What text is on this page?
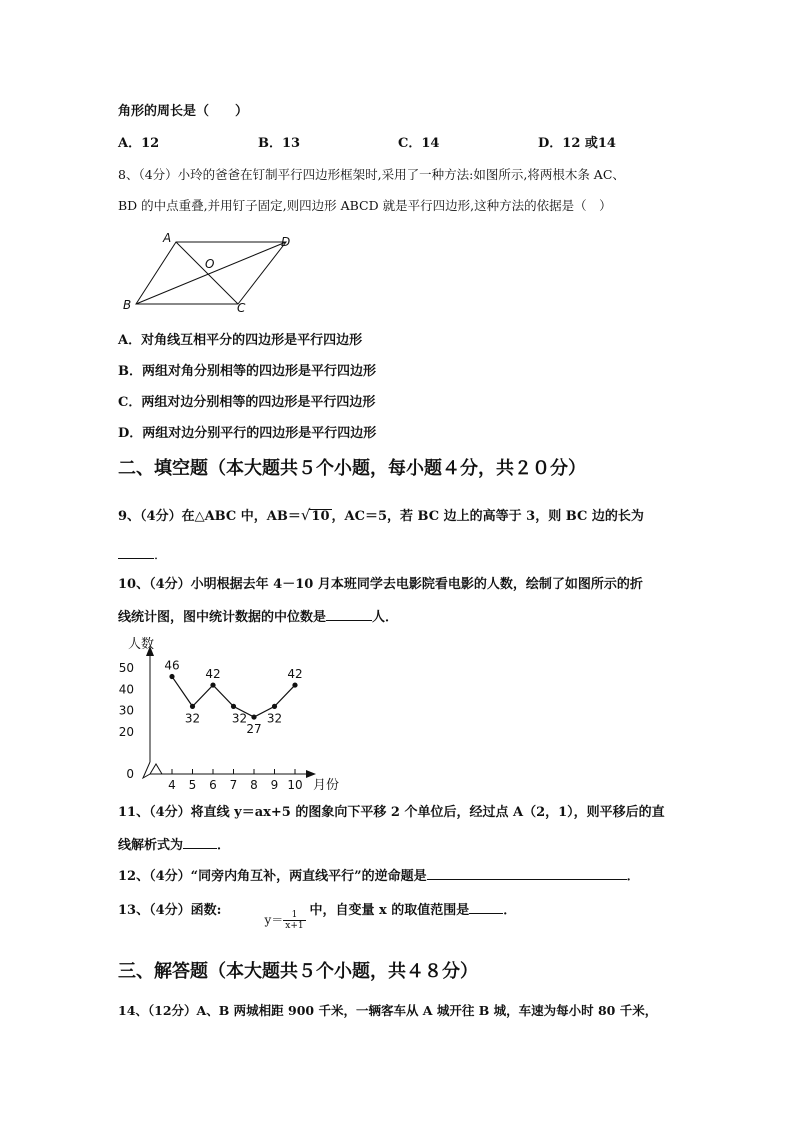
角形的周长是（　　）
A．12	B．13	C．14	D．12 或14
8、（4分）小玲的爸爸在钉制平行四边形框架时,采用了一种方法:如图所示,将两根木条 AC、
BD 的中点重叠,并用钉子固定,则四边形 ABCD 就是平行四边形,这种方法的依据是（　）
A	D
O
B	C
A．对角线互相平分的四边形是平行四边形
B．两组对角分别相等的四边形是平行四边形
C．两组对边分别相等的四边形是平行四边形
D．两组对边分别平行的四边形是平行四边形
二、填空题（本大题共５个小题，每小题４分，共２０分）
9、（4分）在△ABC 中，AB＝√10 ，AC＝5，若 BC 边上的高等于 3，则 BC 边的长为
．
10、（4分）小明根据去年 4－10 月本班同学去电影院看电影的人数，绘制了如图所示的折
线统计图，图中统计数据的中位数是	人．
人数
月份
0
20
30
40
50
4 5 6 7 8 9 10
46
32
42
32
27
32
42
11、（4分）将直线 y＝ax+5 的图象向下平移 2 个单位后，经过点 A（2，1），则平移后的直
线解析式为	．
12、（4分）“同旁内角互补，两直线平行”的逆命题是	．
13、（4分）函数:  $y= \frac{1}{x+1}$ 中，自变量 x 的取值范围是	．
三、解答题（本大题共５个小题，共４８分）
14、（12分）A、B 两城相距 900 千米，一辆客车从 A 城开往 B 城，车速为每小时 80 千米，
